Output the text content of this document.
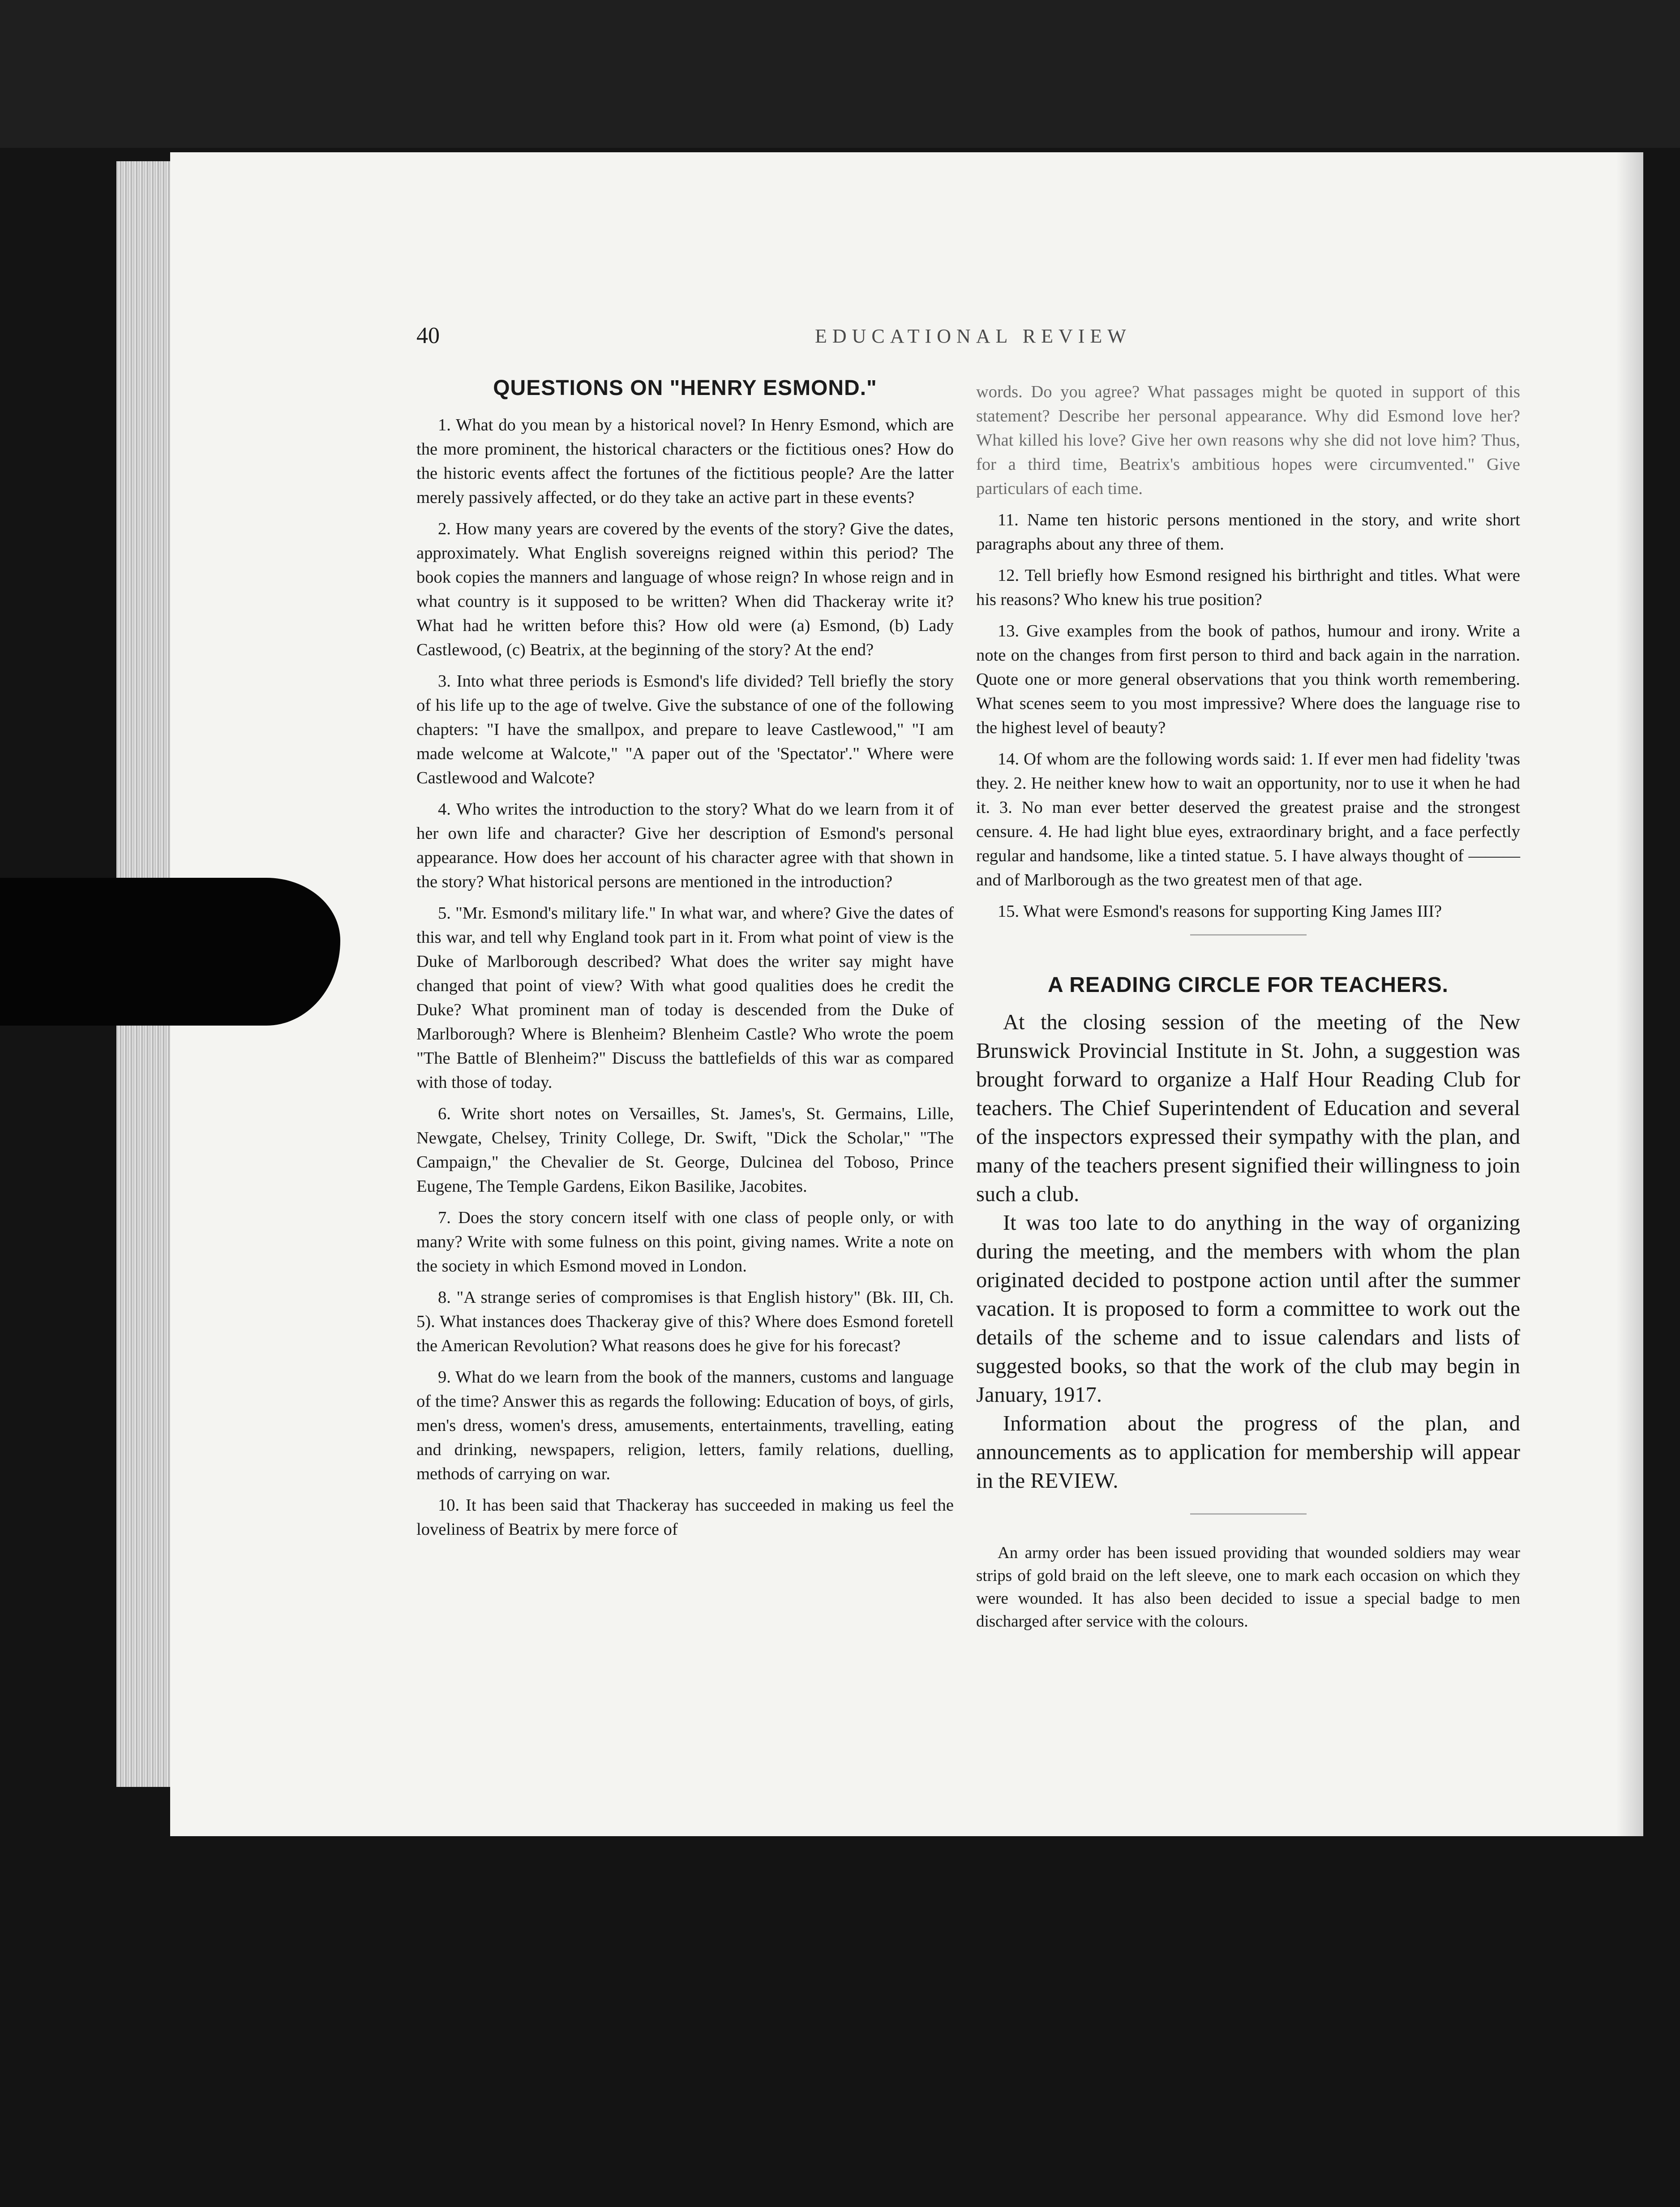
40	EDUCATIONAL REVIEW
QUESTIONS ON "HENRY ESMOND."

1. What do you mean by a historical novel? In Henry Esmond, which are the more prominent, the historical characters or the fictitious ones? How do the historic events affect the fortunes of the fictitious people? Are the latter merely passively affected, or do they take an active part in these events?

2. How many years are covered by the events of the story? Give the dates, approximately. What English sovereigns reigned within this period? The book copies the manners and language of whose reign? In whose reign and in what country is it supposed to be written? When did Thackeray write it? What had he written before this? How old were (a) Esmond, (b) Lady Castlewood, (c) Beatrix, at the beginning of the story? At the end?

3. Into what three periods is Esmond's life divided? Tell briefly the story of his life up to the age of twelve. Give the substance of one of the following chapters: "I have the smallpox, and prepare to leave Castlewood," "I am made welcome at Walcote," "A paper out of the 'Spectator'." Where were Castlewood and Walcote?

4. Who writes the introduction to the story? What do we learn from it of her own life and character? Give her description of Esmond's personal appearance. How does her account of his character agree with that shown in the story? What historical persons are mentioned in the introduction?

5. "Mr. Esmond's military life." In what war, and where? Give the dates of this war, and tell why England took part in it. From what point of view is the Duke of Marlborough described? What does the writer say might have changed that point of view? With what good qualities does he credit the Duke? What prominent man of today is descended from the Duke of Marlborough? Where is Blenheim? Blenheim Castle? Who wrote the poem "The Battle of Blenheim?" Discuss the battlefields of this war as compared with those of today.

6. Write short notes on Versailles, St. James's, St. Germains, Lille, Newgate, Chelsey, Trinity College, Dr. Swift, "Dick the Scholar," "The Campaign," the Chevalier de St. George, Dulcinea del Toboso, Prince Eugene, The Temple Gardens, Eikon Basilike, Jacobites.

7. Does the story concern itself with one class of people only, or with many? Write with some fulness on this point, giving names. Write a note on the society in which Esmond moved in London.

8. "A strange series of compromises is that English history" (Bk. III, Ch. 5). What instances does Thackeray give of this? Where does Esmond foretell the American Revolution? What reasons does he give for his forecast?

9. What do we learn from the book of the manners, customs and language of the time? Answer this as regards the following: Education of boys, of girls, men's dress, women's dress, amusements, entertainments, travelling, eating and drinking, newspapers, religion, letters, family relations, duelling, methods of carrying on war.

10. It has been said that Thackeray has succeeded in making us feel the loveliness of Beatrix by mere force of

words. Do you agree? What passages might be quoted in support of this statement? Describe her personal appearance. Why did Esmond love her? What killed his love? Give her own reasons why she did not love him? Thus, for a third time, Beatrix's ambitious hopes were circumvented." Give particulars of each time.

11. Name ten historic persons mentioned in the story, and write short paragraphs about any three of them.

12. Tell briefly how Esmond resigned his birthright and titles. What were his reasons? Who knew his true position?

13. Give examples from the book of pathos, humour and irony. Write a note on the changes from first person to third and back again in the narration. Quote one or more general observations that you think worth remembering. What scenes seem to you most impressive? Where does the language rise to the highest level of beauty?

14. Of whom are the following words said: 1. If ever men had fidelity 'twas they. 2. He neither knew how to wait an opportunity, nor to use it when he had it. 3. No man ever better deserved the greatest praise and the strongest censure. 4. He had light blue eyes, extraordinary bright, and a face perfectly regular and handsome, like a tinted statue. 5. I have always thought of ——— and of Marlborough as the two greatest men of that age.

15. What were Esmond's reasons for supporting King James III?

A READING CIRCLE FOR TEACHERS.

At the closing session of the meeting of the New Brunswick Provincial Institute in St. John, a suggestion was brought forward to organize a Half Hour Reading Club for teachers. The Chief Superintendent of Education and several of the inspectors expressed their sympathy with the plan, and many of the teachers present signified their willingness to join such a club.

It was too late to do anything in the way of organizing during the meeting, and the members with whom the plan originated decided to postpone action until after the summer vacation. It is proposed to form a committee to work out the details of the scheme and to issue calendars and lists of suggested books, so that the work of the club may begin in January, 1917.

Information about the progress of the plan, and announcements as to application for membership will appear in the REVIEW.

An army order has been issued providing that wounded soldiers may wear strips of gold braid on the left sleeve, one to mark each occasion on which they were wounded. It has also been decided to issue a special badge to men discharged after service with the colours.
